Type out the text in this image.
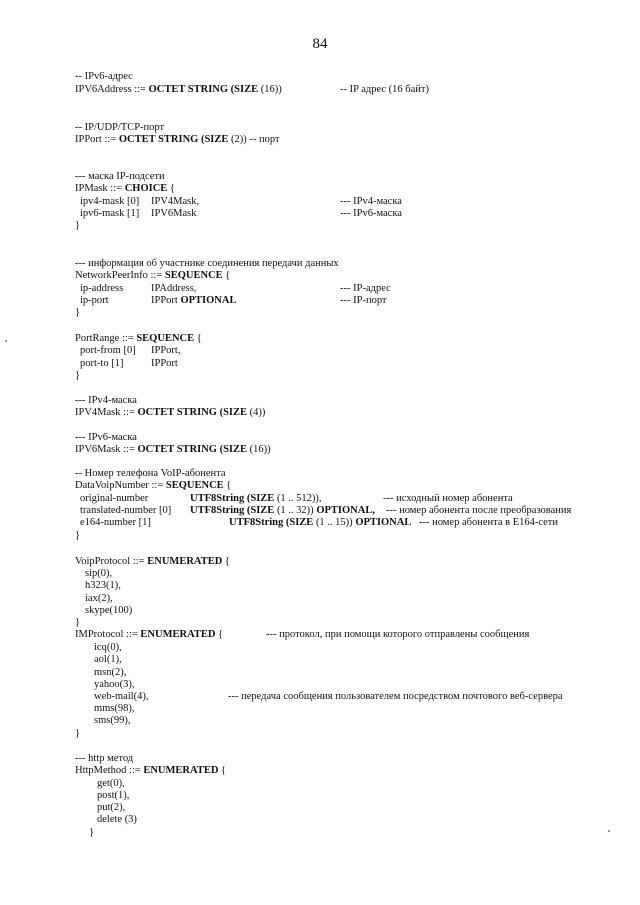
84
-- IPv6-адрес
IPV6Address ::= OCTET STRING (SIZE (16))	-- IP адрес (16 байт)
-- IP/UDP/TCP-порт
IPPort ::= OCTET STRING (SIZE (2)) -- порт
--- маска IP-подсети
IPMask ::= CHOICE {
ipv4-mask [0] IPV4Mask,	--- IPv4-маска
ipv6-mask [1] IPV6Mask	--- IPv6-маска
}
--- информация об участнике соединения передачи данных
NetworkPeerInfo ::= SEQUENCE {
ip-address	IPAddress,	--- IP-адрес
ip-port	IPPort OPTIONAL	--- IP-порт
}
PortRange ::= SEQUENCE {
port-from [0] IPPort,
port-to [1]	IPPort
}
--- IPv4-маска
IPV4Mask ::= OCTET STRING (SIZE (4))
--- IPv6-маска
IPV6Mask ::= OCTET STRING (SIZE (16))
-- Номер телефона VoIP-абонента
DataVoipNumber ::= SEQUENCE {
original-number	UTF8String (SIZE (1 .. 512)),	--- исходный номер абонента
translated-number [0] UTF8String (SIZE (1 .. 32)) OPTIONAL, --- номер абонента после преобразования
e164-number [1]	UTF8String (SIZE (1 .. 15)) OPTIONAL --- номер абонента в E164-сети
}
VoipProtocol ::= ENUMERATED {
sip(0),
h323(1),
iax(2),
skype(100)
}
IMProtocol ::= ENUMERATED {	--- протокол, при помощи которого отправлены сообщения
icq(0),
aol(1),
msn(2),
yahoo(3),
web-mail(4),	--- передача сообщения пользователем посредством почтового веб-сервера
mms(98),
sms(99),
}
--- http метод
HttpMethod ::= ENUMERATED {
get(0),
post(1),
put(2),
delete (3)
}
